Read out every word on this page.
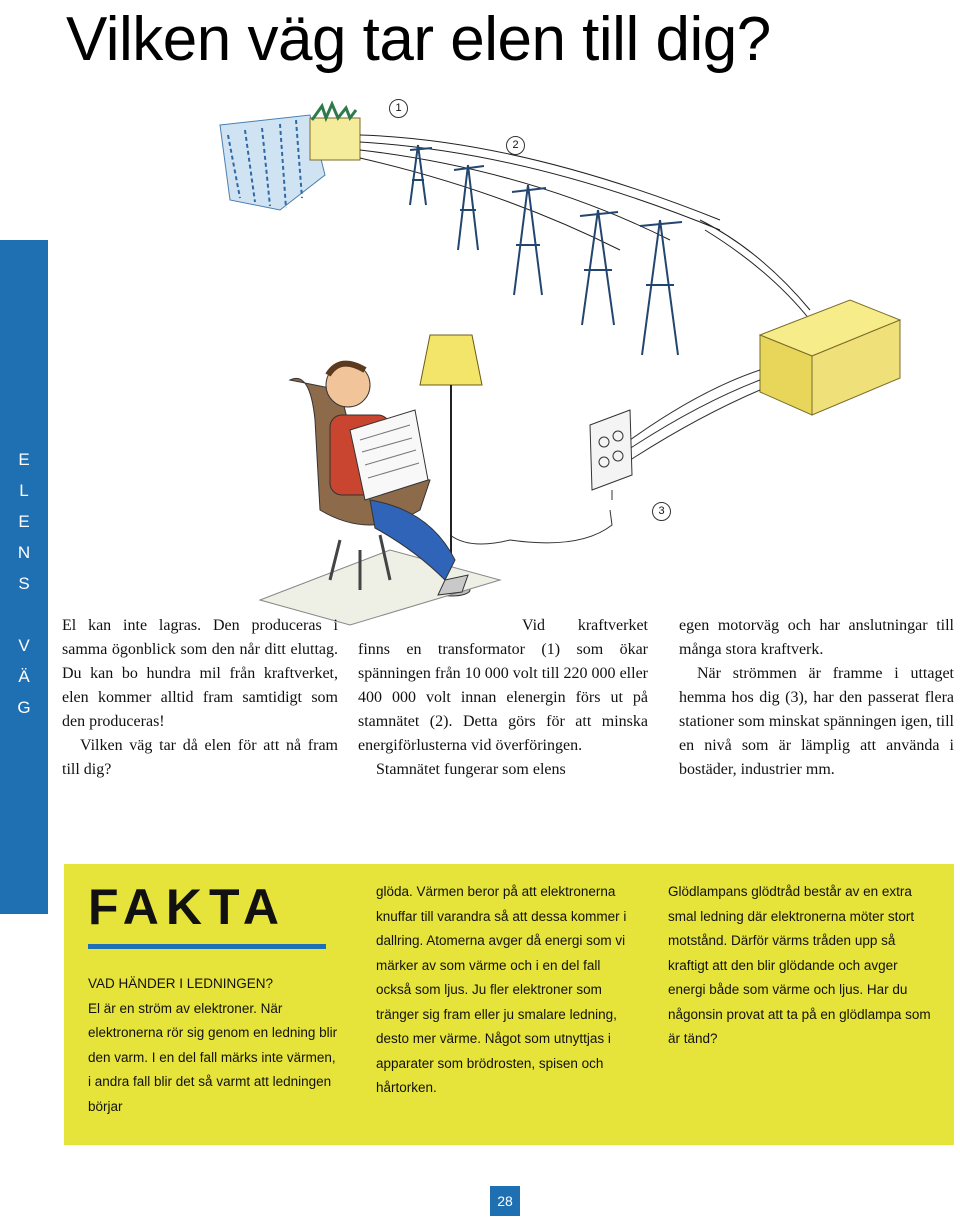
Vilken väg tar elen till dig?
E
L
E
N
S

V
Ä
G
1
2
3

El kan inte lagras. Den produceras i samma ögonblick som den når ditt eluttag. Du kan bo hundra mil från kraftverket, elen kommer alltid fram samtidigt som den produceras!

Vilken väg tar då elen för att nå fram till dig?

Vid kraftverket finns en transformator (1) som ökar spänningen från 10 000 volt till 220 000 eller 400 000 volt innan elenergin förs ut på stamnätet (2). Detta görs för att minska energiförlusterna vid överföringen.

Stamnätet fungerar som elens

egen motorväg och har anslutningar till många stora kraftverk.

När strömmen är framme i uttaget hemma hos dig (3), har den passerat flera stationer som minskat spänningen igen, till en nivå som är lämplig att använda i bostäder, industrier mm.

FAKTA

VAD HÄNDER I LEDNINGEN?

El är en ström av elektroner. När elektronerna rör sig genom en ledning blir den varm. I en del fall märks inte värmen, i andra fall blir det så varmt att ledningen börjar

glöda. Värmen beror på att elektronerna knuffar till varandra så att dessa kommer i dallring. Atomerna avger då energi som vi märker av som värme och i en del fall också som ljus. Ju fler elektroner som tränger sig fram eller ju smalare ledning, desto mer värme. Något som utnyttjas i apparater som brödrosten, spisen och hårtorken.

Glödlampans glödtråd består av en extra smal ledning där elektronerna möter stort motstånd. Därför värms tråden upp så kraftigt att den blir glödande och avger energi både som värme och ljus. Har du någonsin provat att ta på en glödlampa som är tänd?

28
